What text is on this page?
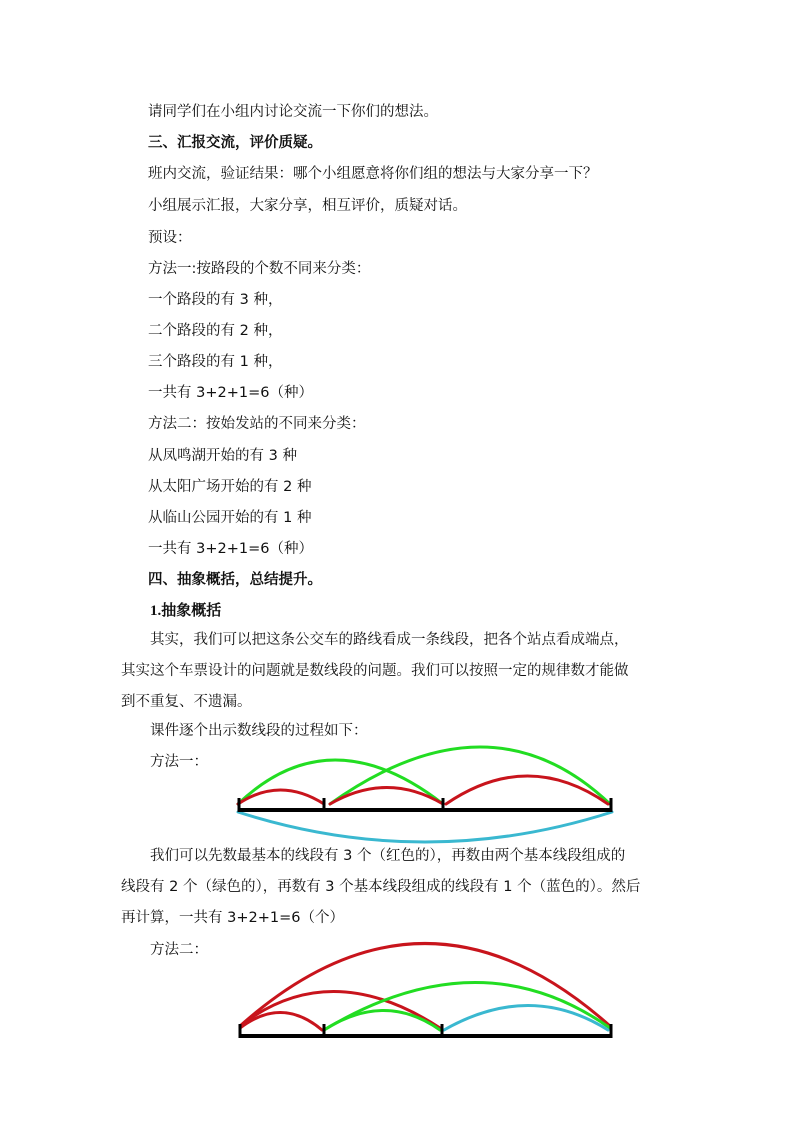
请同学们在小组内讨论交流一下你们的想法。
三、汇报交流，评价质疑。
班内交流，验证结果：哪个小组愿意将你们组的想法与大家分享一下？
小组展示汇报，大家分享，相互评价，质疑对话。
预设：
方法一:按路段的个数不同来分类：
一个路段的有 3 种，
二个路段的有 2 种，
三个路段的有 1 种，
一共有 3+2+1=6（种）
方法二：按始发站的不同来分类：
从凤鸣湖开始的有 3 种
从太阳广场开始的有 2 种
从临山公园开始的有 1 种
一共有 3+2+1=6（种）
四、抽象概括，总结提升。
1.抽象概括
其实，我们可以把这条公交车的路线看成一条线段，把各个站点看成端点，
其实这个车票设计的问题就是数线段的问题。我们可以按照一定的规律数才能做
到不重复、不遗漏。
课件逐个出示数线段的过程如下：
方法一：
我们可以先数最基本的线段有 3 个（红色的），再数由两个基本线段组成的
线段有 2 个（绿色的），再数有 3 个基本线段组成的线段有 1 个（蓝色的）。然后
再计算，一共有 3+2+1=6（个）
方法二：
